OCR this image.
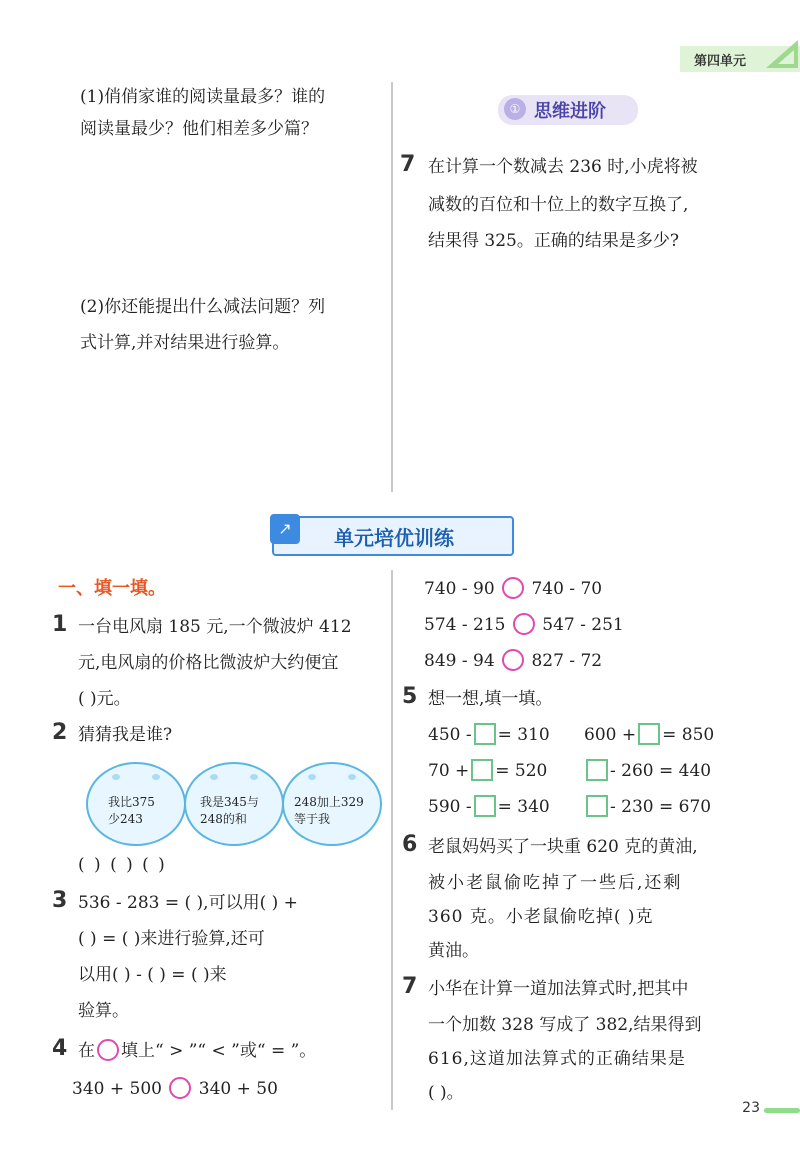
第四单元
(1)俏俏家谁的阅读量最多？谁的
阅读量最少？他们相差多少篇？
(2)你还能提出什么减法问题？列
式计算,并对结果进行验算。
① 思维进阶
7 在计算一个数减去 236 时,小虎将被
减数的百位和十位上的数字互换了,
结果得 325。正确的结果是多少?
↗	单元培优训练
一、填一填。
1 一台电风扇 185 元,一个微波炉 412
元,电风扇的价格比微波炉大约便宜
( )元。
2 猜猜我是谁?
我比375
少243
我是345与
248的和
248加上329
等于我
( ) ( ) ( )
3 536 - 283 = ( ),可以用( ) +
( ) = ( )来进行验算,还可
以用( ) - ( ) = ( )来
验算。
4 在 填上“ > ”“ < ”或“ = ”。
340 + 500 340 + 50
740 - 90 740 - 70
574 - 215 547 - 251
849 - 94 827 - 72
5 想一想,填一填。
450 - = 310 600 + = 850
70 + = 520	- 260 = 440
590 - = 340	- 230 = 670
6 老鼠妈妈买了一块重 620 克的黄油,
被小老鼠偷吃掉了一些后,还剩
360 克。小老鼠偷吃掉( )克
黄油。
7 小华在计算一道加法算式时,把其中
一个加数 328 写成了 382,结果得到
616,这道加法算式的正确结果是
( )。
23
